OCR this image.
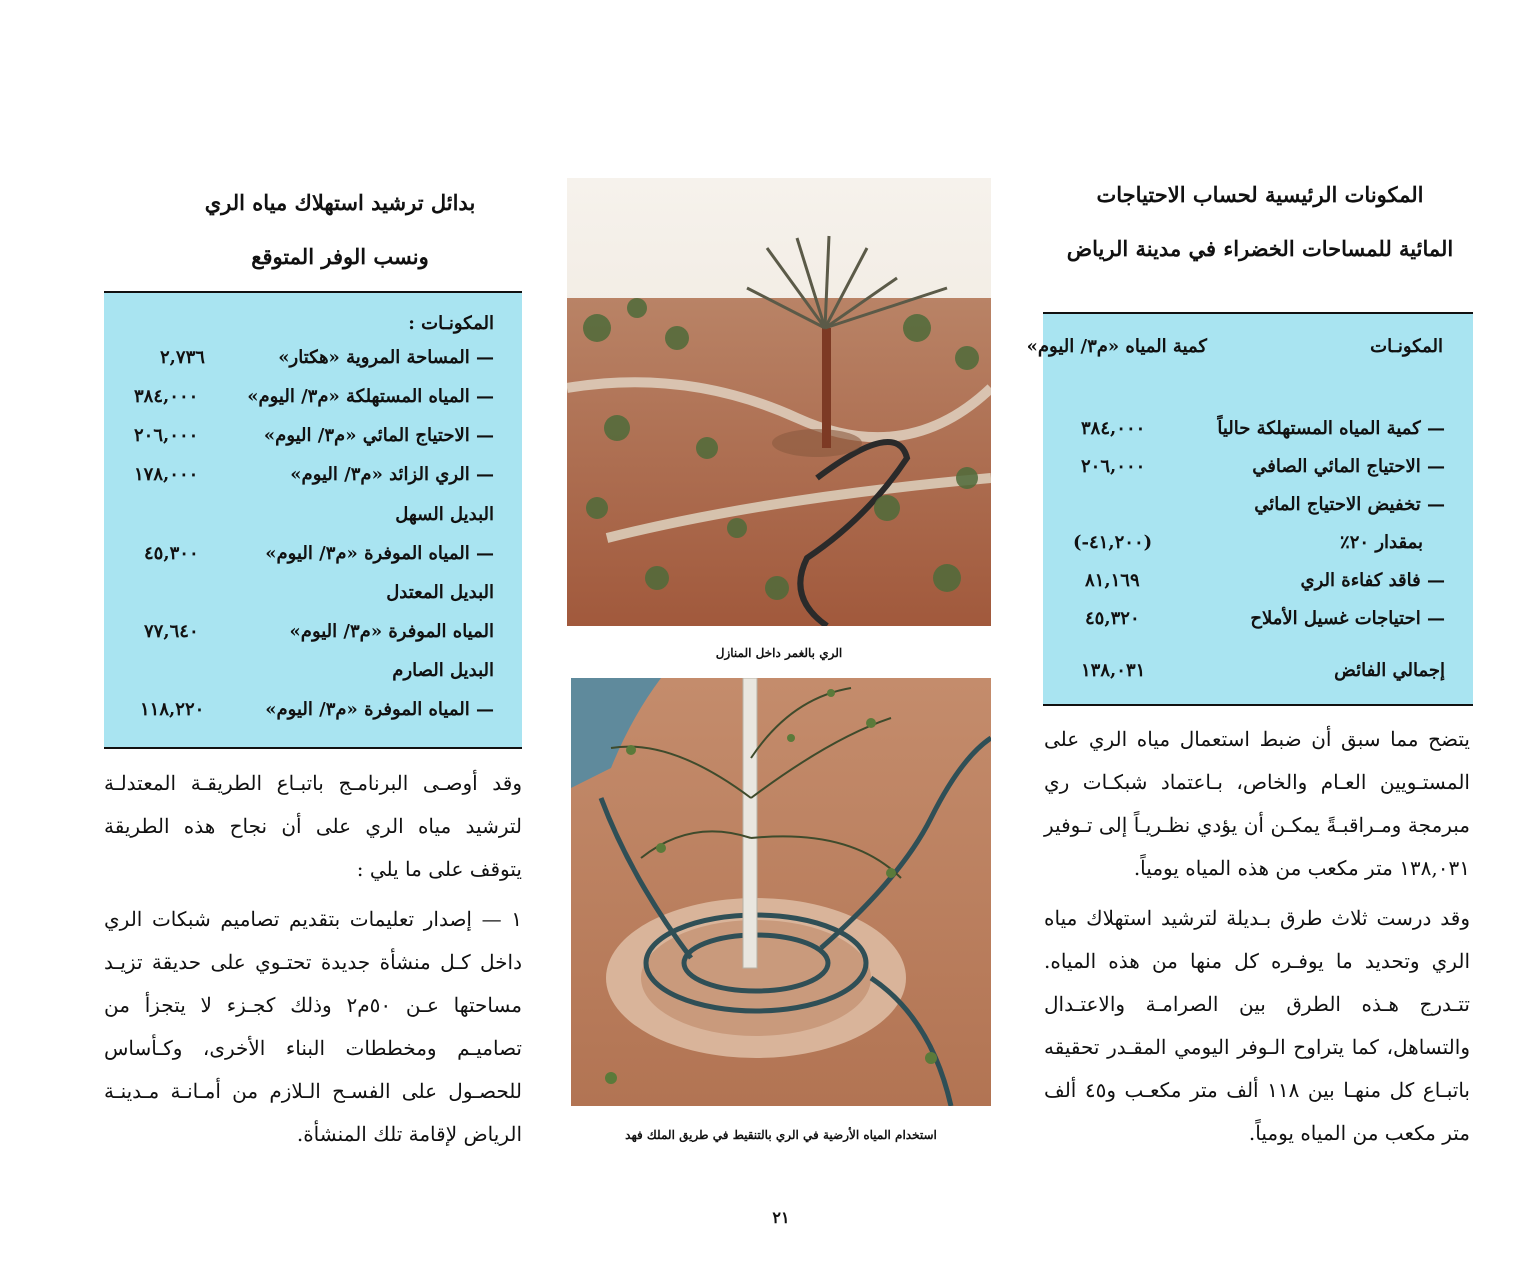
المكونات الرئيسية لحساب الاحتياجات
المائية للمساحات الخضراء في مدينة الرياض
المكونـات
كمية المياه «م٣/ اليوم»
— كمية المياه المستهلكة حالياً
٣٨٤,٠٠٠
— الاحتياج المائي الصافي
٢٠٦,٠٠٠
— تخفيض الاحتياج المائي
بمقدار ٢٠٪
(-٤١,٢٠٠)
— فاقد كفاءة الري
٨١,١٦٩
— احتياجات غسيل الأملاح
٤٥,٣٢٠
إجمالي الفائض
١٣٨,٠٣١
يتضح مما سبق أن ضبط استعمال مياه الري على المستـويين العـام والخاص، بـاعتماد شبكـات ري مبرمجة ومـراقبـةً يمكـن أن يؤدي نظـريـاً إلى تـوفير ١٣٨,٠٣١ متر مكعب من هذه المياه يومياً.
وقد درست ثلاث طرق بـديلة لترشيد استهلاك مياه الري وتحديد ما يوفـره كل منها من هذه المياه. تتـدرج هـذه الطرق بين الصرامـة والاعتـدال والتساهل، كما يتراوح الـوفر اليومي المقـدر تحقيقه باتبـاع كل منهـا بين ١١٨ ألف متر مكعـب و٤٥ ألف متر مكعب من المياه يومياً.
الري بالغمر داخل المنازل
استخدام المياه الأرضية في الري بالتنقيط في طريق الملك فهد
بدائل ترشيد استهلاك مياه الري
ونسب الوفر المتوقع
المكونـات :
— المساحة المروية «هكتار»
٢,٧٣٦
— المياه المستهلكة «م٣/ اليوم»
٣٨٤,٠٠٠
— الاحتياج المائي «م٣/ اليوم»
٢٠٦,٠٠٠
— الري الزائد «م٣/ اليوم»
١٧٨,٠٠٠
البديل السهل
— المياه الموفرة «م٣/ اليوم»
٤٥,٣٠٠
البديل المعتدل
المياه الموفرة «م٣/ اليوم»
٧٧,٦٤٠
البديل الصارم
— المياه الموفرة «م٣/ اليوم»
١١٨,٢٢٠
وقد أوصـى البرنامـج باتبـاع الطريقـة المعتدلـة لترشيد مياه الري على أن نجاح هذه الطريقة يتوقف على ما يلي :
١ — إصدار تعليمات بتقديم تصاميم شبكات الري داخل كـل منشأة جديدة تحتـوي على حديقة تزيـد مساحتها عـن ٥٠م٢ وذلك كجـزء لا يتجزأ من تصاميـم ومخططات البناء الأخرى، وكـأساس للحصـول على الفسـح الـلازم من أمـانـة مـدينـة الرياض لإقامة تلك المنشأة.
٢١
